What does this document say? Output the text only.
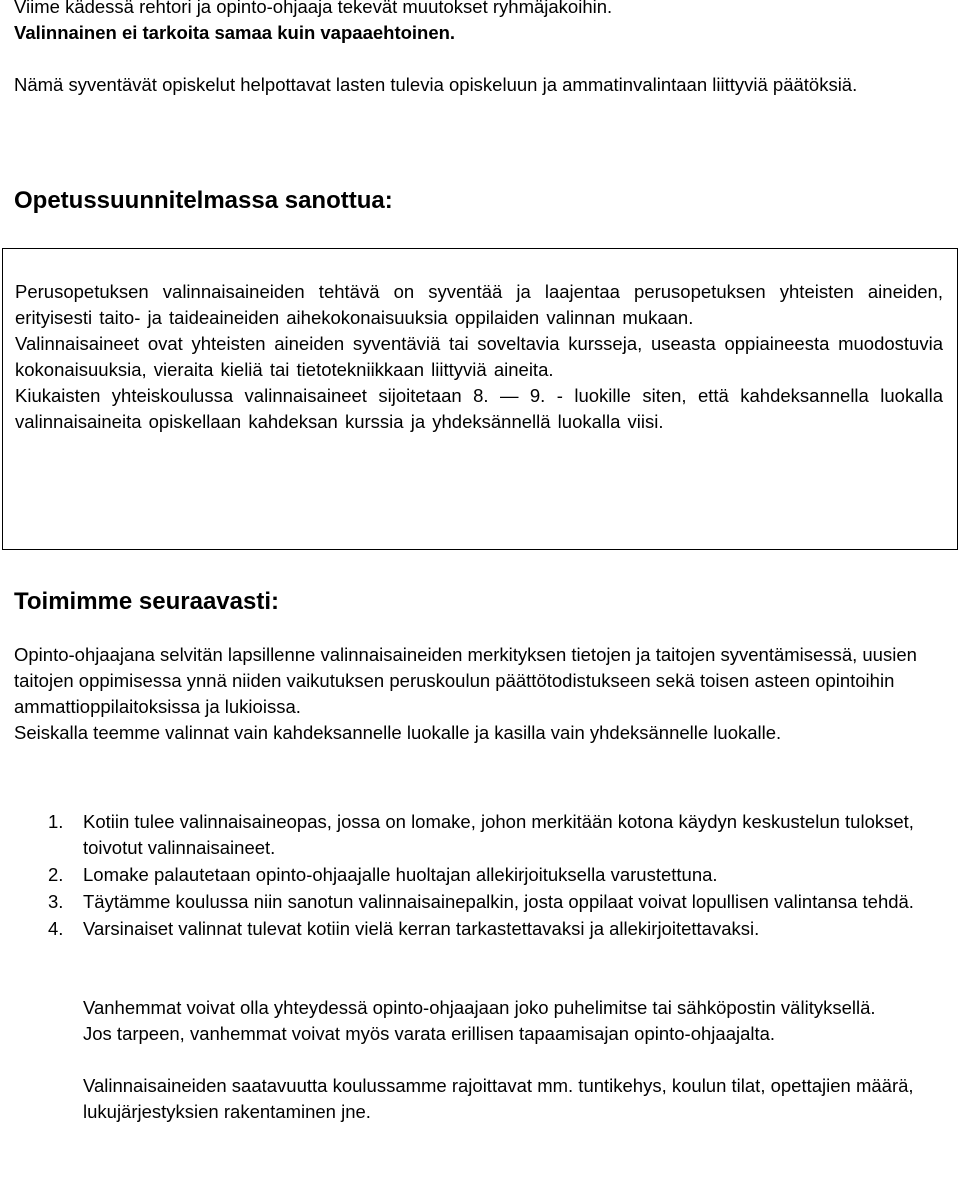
Viime kädessä rehtori ja opinto-ohjaaja tekevät muutokset ryhmäjakoihin.

Valinnainen ei tarkoita samaa kuin vapaaehtoinen.

Nämä syventävät opiskelut helpottavat lasten tulevia opiskeluun ja ammatinvalintaan liittyviä päätöksiä.

Opetussuunnitelmassa sanottua:

Perusopetuksen valinnaisaineiden tehtävä on syventää ja laajentaa perusopetuksen yhteisten aineiden, erityisesti taito- ja taideaineiden aihekokonaisuuksia oppilaiden valinnan mukaan.

Valinnaisaineet ovat yhteisten aineiden syventäviä tai soveltavia kursseja, useasta oppiaineesta muodostuvia kokonaisuuksia, vieraita kieliä tai tietotekniikkaan liittyviä aineita.

Kiukaisten yhteiskoulussa valinnaisaineet sijoitetaan 8. — 9. - luokille siten, että kahdeksannella luokalla valinnaisaineita opiskellaan kahdeksan kurssia ja yhdeksännellä luokalla viisi.

Toimimme seuraavasti:

Opinto-ohjaajana selvitän lapsillenne valinnaisaineiden merkityksen tietojen ja taitojen syventämisessä, uusien taitojen oppimisessa ynnä niiden vaikutuksen peruskoulun päättötodistukseen sekä toisen asteen opintoihin ammattioppilaitoksissa ja lukioissa.

Seiskalla teemme valinnat vain kahdeksannelle luokalle ja kasilla vain yhdeksännelle luokalle.

1. Kotiin tulee valinnaisaineopas, jossa on lomake, johon merkitään kotona käydyn keskustelun tulokset, toivotut valinnaisaineet.
2. Lomake palautetaan opinto-ohjaajalle huoltajan allekirjoituksella varustettuna.
3. Täytämme koulussa niin sanotun valinnaisainepalkin, josta oppilaat voivat lopullisen valintansa tehdä.
4. Varsinaiset valinnat tulevat kotiin vielä kerran tarkastettavaksi ja allekirjoitettavaksi.

Vanhemmat voivat olla yhteydessä opinto-ohjaajaan joko puhelimitse tai sähköpostin välityksellä.

Jos tarpeen, vanhemmat voivat myös varata erillisen tapaamisajan opinto-ohjaajalta.

Valinnaisaineiden saatavuutta koulussamme rajoittavat mm. tuntikehys, koulun tilat, opettajien määrä, lukujärjestyksien rakentaminen jne.
